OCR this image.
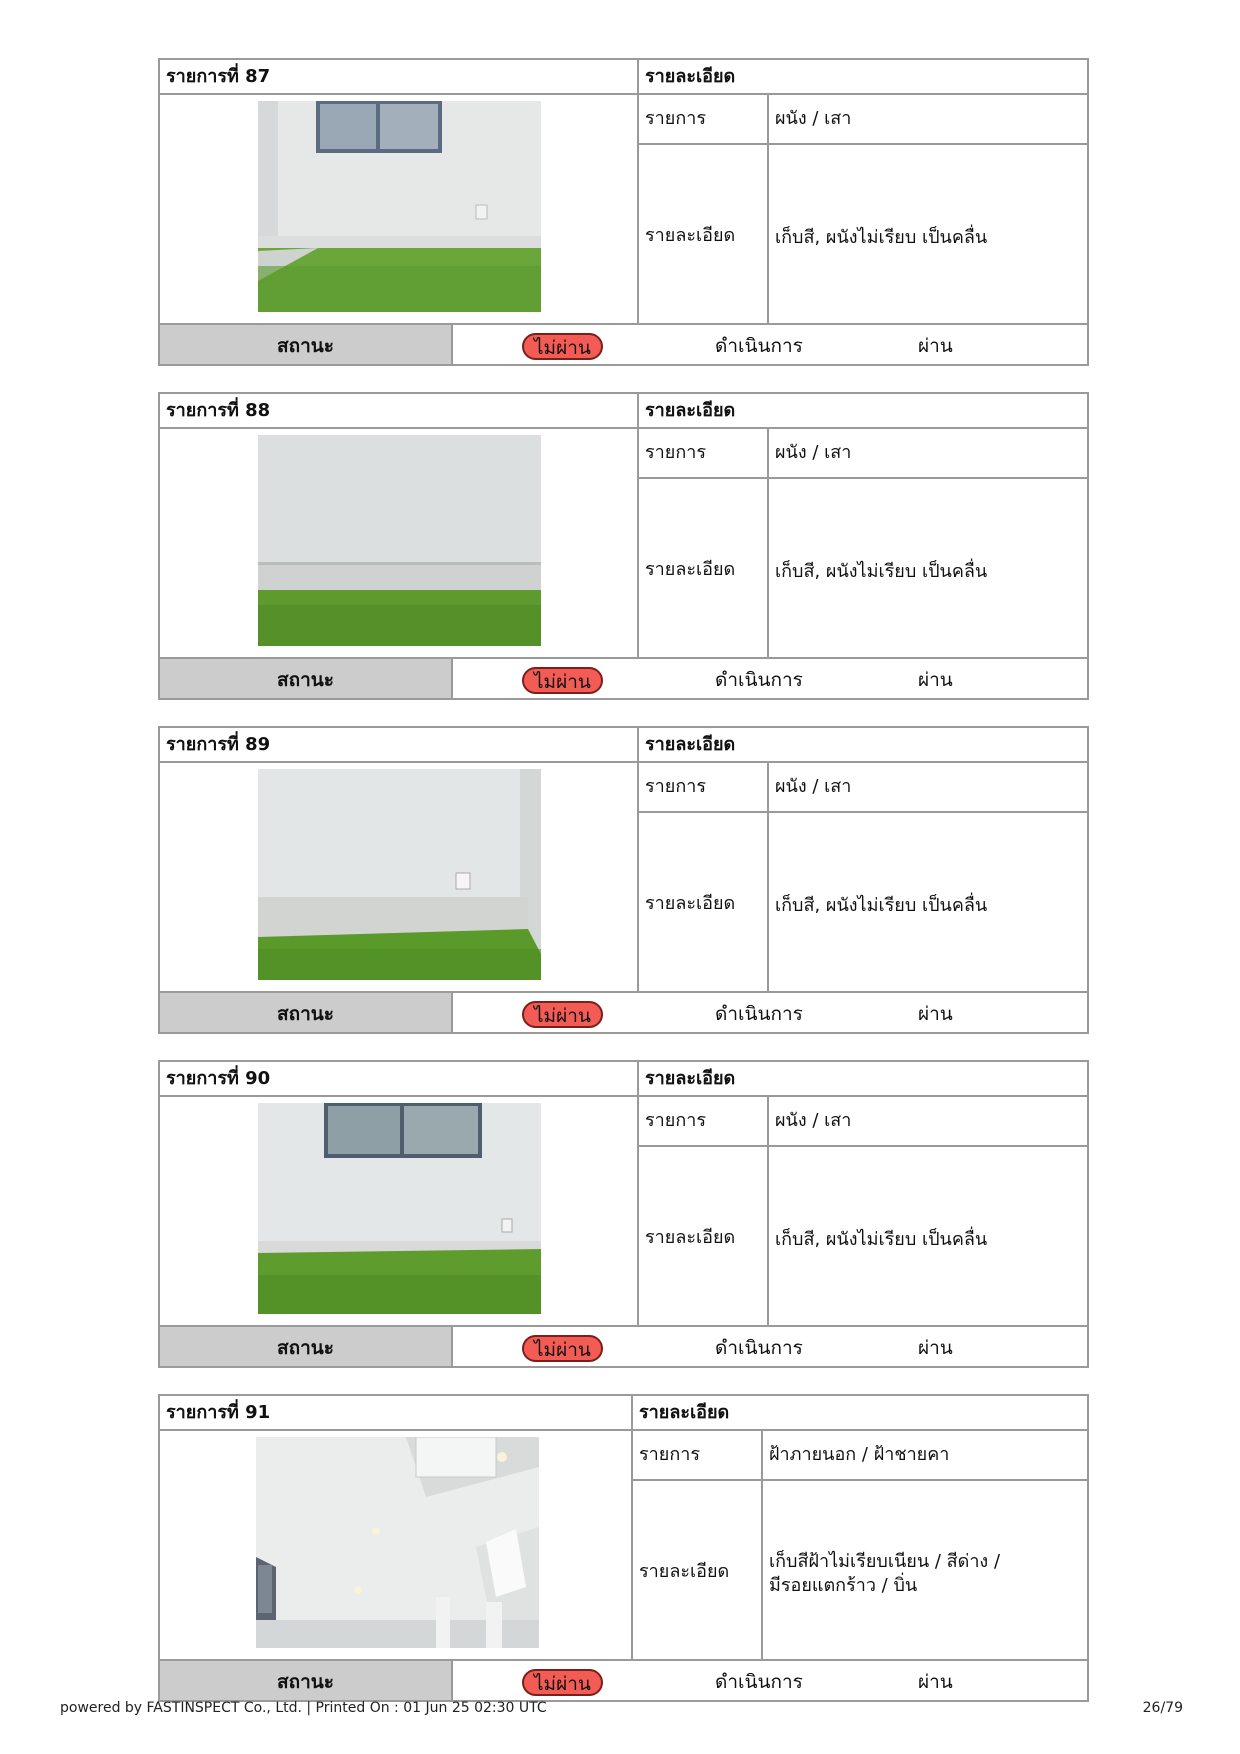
รายการที่ 87	รายละเอียด
รายการ	ผนัง / เสา
รายละเอียด	เก็บสี, ผนังไม่เรียบ เป็นคลื่น
สถานะ	ไม่ผ่าน	ดำเนินการ	ผ่าน
รายการที่ 88	รายละเอียด
รายการ	ผนัง / เสา
รายละเอียด	เก็บสี, ผนังไม่เรียบ เป็นคลื่น
สถานะ	ไม่ผ่าน	ดำเนินการ	ผ่าน
รายการที่ 89	รายละเอียด
รายการ	ผนัง / เสา
รายละเอียด	เก็บสี, ผนังไม่เรียบ เป็นคลื่น
สถานะ	ไม่ผ่าน	ดำเนินการ	ผ่าน
รายการที่ 90	รายละเอียด
รายการ	ผนัง / เสา
รายละเอียด	เก็บสี, ผนังไม่เรียบ เป็นคลื่น
สถานะ	ไม่ผ่าน	ดำเนินการ	ผ่าน
รายการที่ 91	รายละเอียด
รายการ	ฝ้าภายนอก / ฝ้าชายคา
รายละเอียด	เก็บสีฝ้าไม่เรียบเนียน / สีด่าง /
มีรอยแตกร้าว / บิ่น
สถานะ	ไม่ผ่าน	ดำเนินการ	ผ่าน
powered by FASTINSPECT Co., Ltd. | Printed On : 01 Jun 25 02:30 UTC	26/79
